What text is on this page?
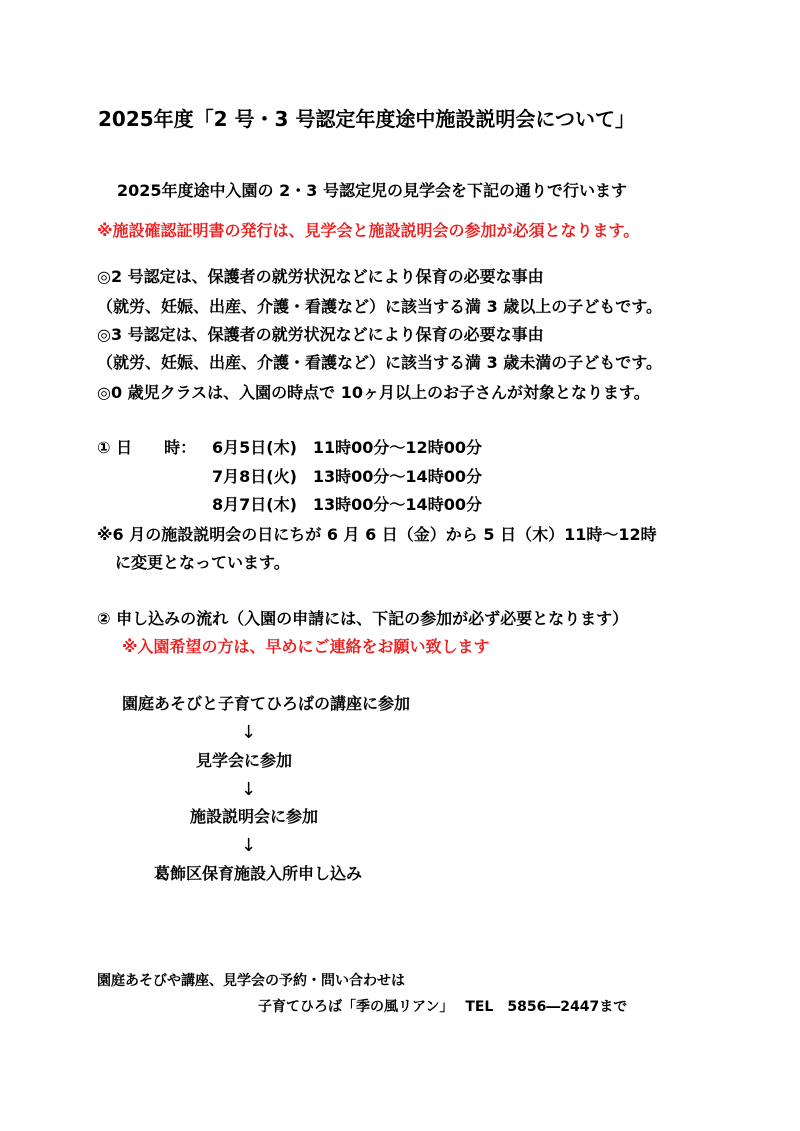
2025年度「2 号・3 号認定年度途中施設説明会について」
2025年度途中入園の 2・3 号認定児の見学会を下記の通りで行います
※施設確認証明書の発行は、見学会と施設説明会の参加が必須となります。
◎2 号認定は、保護者の就労状況などにより保育の必要な事由
（就労、妊娠、出産、介護・看護など）に該当する満 3 歳以上の子どもです。
◎3 号認定は、保護者の就労状況などにより保育の必要な事由
（就労、妊娠、出産、介護・看護など）に該当する満 3 歳未満の子どもです。
◎0 歳児クラスは、入園の時点で 10ヶ月以上のお子さんが対象となります。
① 日　　時： 6月5日(木)　11時00分～12時00分
7月8日(火)　13時00分～14時00分
8月7日(木)　13時00分～14時00分
※6 月の施設説明会の日にちが 6 月 6 日（金）から 5 日（木）11時～12時
に変更となっています。
② 申し込みの流れ（入園の申請には、下記の参加が必ず必要となります）
※入園希望の方は、早めにご連絡をお願い致します
園庭あそびと子育てひろばの講座に参加
↓
見学会に参加
↓
施設説明会に参加
↓
葛飾区保育施設入所申し込み
園庭あそびや講座、見学会の予約・問い合わせは
子育てひろば「季の風リアン」　 TEL　5856―2447まで
